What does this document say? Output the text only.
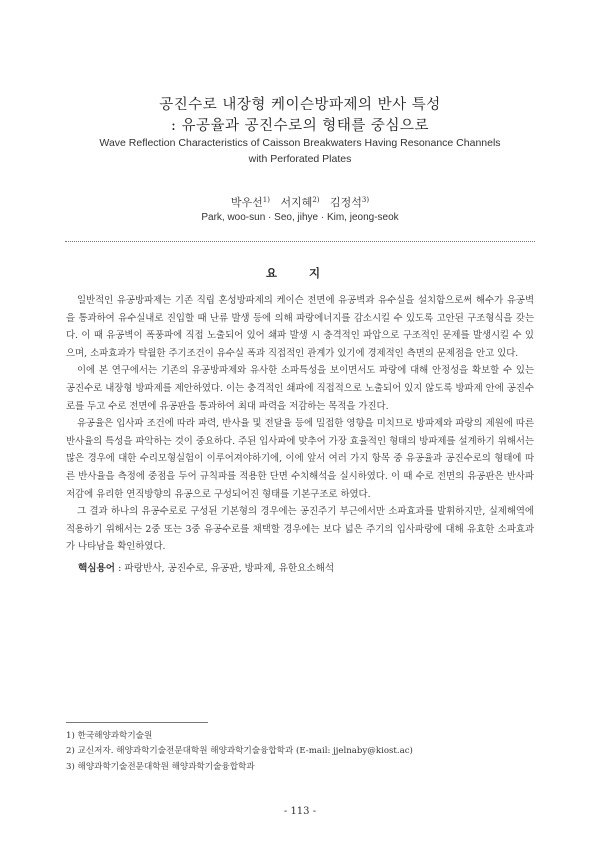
공진수로 내장형 케이슨방파제의 반사 특성
: 유공율과 공진수로의 형태를 중심으로
Wave Reflection Characteristics of Caisson Breakwaters Having Resonance Channels
with Perforated Plates
박우선$^{1)}$ 서지혜$^{2)}$ 김정석$^{3)}$
Park, woo-sun · Seo, jihye · Kim, jeong-seok
요 지

일반적인 유공방파제는 기존 직립 혼성방파제의 케이슨 전면에 유공벽과 유수실을 설치함으로써 해수가 유공벽을 통과하여 유수실내로 진입할 때 난류 발생 등에 의해 파랑에너지를 감소시킬 수 있도록 고안된 구조형식을 갖는다. 이 때 유공벽이 폭풍파에 직접 노출되어 있어 쇄파 발생 시 충격적인 파압으로 구조적인 문제를 발생시킬 수 있으며, 소파효과가 탁월한 주기조건이 유수실 폭과 직접적인 관계가 있기에 경제적인 측면의 문제점을 안고 있다.

이에 본 연구에서는 기존의 유공방파제와 유사한 소파특성을 보이면서도 파랑에 대해 안정성을 확보할 수 있는 공진수로 내장형 방파제를 제안하였다. 이는 충격적인 쇄파에 직접적으로 노출되어 있지 않도록 방파제 안에 공진수로를 두고 수로 전면에 유공판을 통과하여 최대 파력을 저감하는 목적을 가진다.

유공율은 입사파 조건에 따라 파력, 반사율 및 전달율 등에 밀접한 영향을 미치므로 방파제와 파랑의 제원에 따른 반사율의 특성을 파악하는 것이 중요하다. 주된 입사파에 맞추어 가장 효율적인 형태의 방파제를 설계하기 위해서는 많은 경우에 대한 수리모형실험이 이루어져야하기에, 이에 앞서 여러 가지 항목 중 유공율과 공진수로의 형태에 따른 반사율을 측정에 중점을 두어 규칙파를 적용한 단면 수치해석을 실시하였다. 이 때 수로 전면의 유공판은 반사파 저감에 유리한 연직방향의 유공으로 구성되어진 형태를 기본구조로 하였다.

그 결과 하나의 유공수로로 구성된 기본형의 경우에는 공진주기 부근에서만 소파효과를 발휘하지만, 실제해역에 적용하기 위해서는 2중 또는 3중 유공수로를 채택할 경우에는 보다 넓은 주기의 입사파랑에 대해 유효한 소파효과가 나타남을 확인하였다.

핵심용어 : 파랑반사, 공진수로, 유공판, 방파제, 유한요소해석
1) 한국해양과학기술원
2) 교신저자. 해양과학기술전문대학원 해양과학기술융합학과 (E-mail: jjelnaby@kiost.ac)
3) 해양과학기술전문대학원 해양과학기술융합학과
- 113 -
